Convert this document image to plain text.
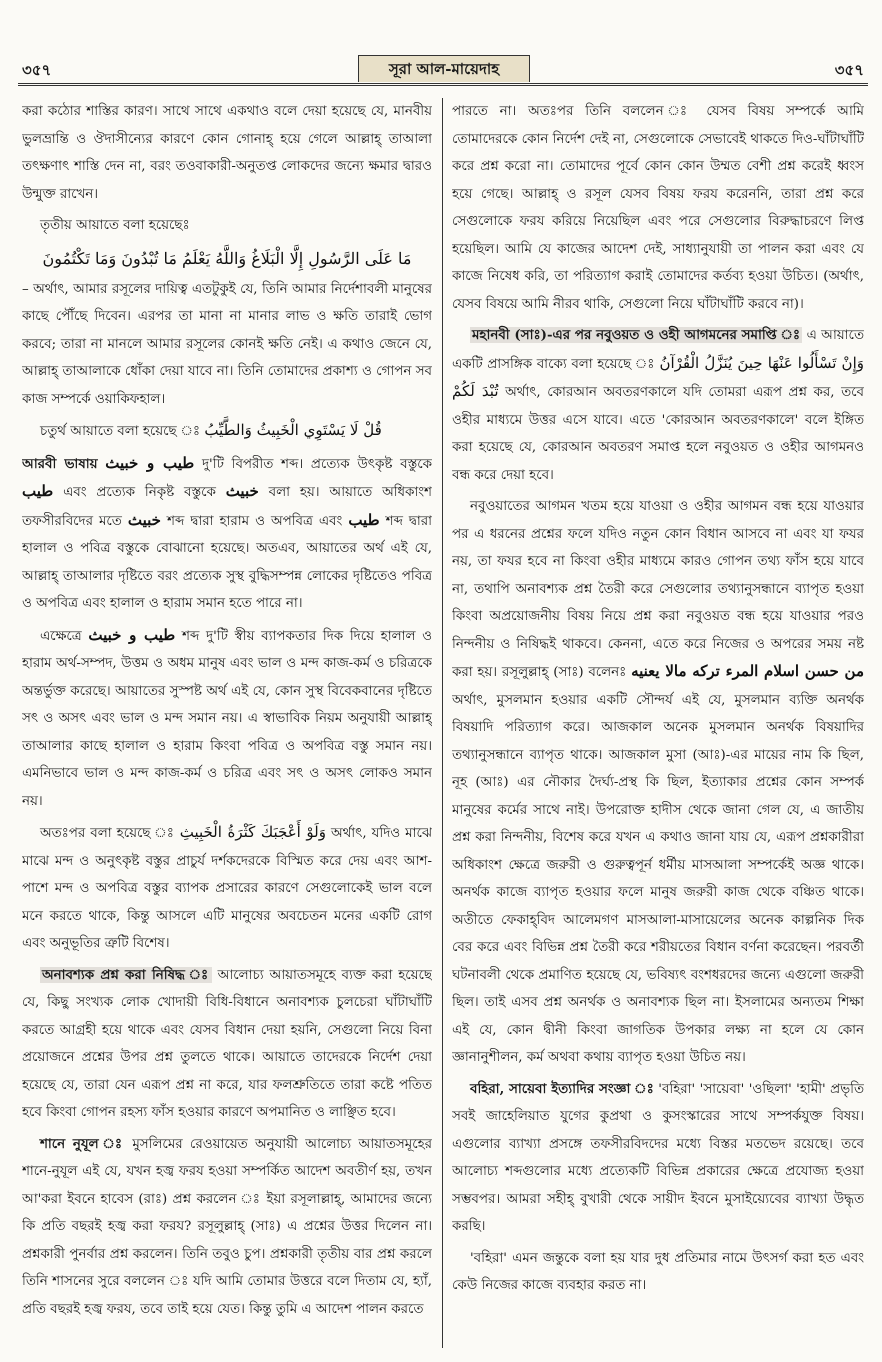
৩৫৭	সূরা আল-মায়েদাহ	৩৫৭

করা কঠোর শাস্তির কারণ। সাথে সাথে একথাও বলে দেয়া হয়েছে যে, মানবীয় ভুলভ্রান্তি ও ঔদাসীন্যের কারণে কোন গোনাহ্‌ হয়ে গেলে আল্লাহ্‌ তাআলা তৎক্ষণাৎ শাস্তি দেন না, বরং তওবাকারী-অনুতপ্ত লোকদের জন্যে ক্ষমার দ্বারও উন্মুক্ত রাখেন।

তৃতীয় আয়াতে বলা হয়েছেঃ

مَا عَلَى الرَّسُولِ إِلَّا الْبَلَاغُ وَاللَّهُ يَعْلَمُ مَا تُبْدُونَ وَمَا تَكْتُمُونَ

– অর্থাৎ, আমার রসূলের দায়িত্ব এতটুকুই যে, তিনি আমার নির্দেশাবলী মানুষের কাছে পৌঁছে দিবেন। এরপর তা মানা না মানার লাভ ও ক্ষতি তারাই ভোগ করবে; তারা না মানলে আমার রসূলের কোনই ক্ষতি নেই। এ কথাও জেনে যে, আল্লাহ্‌ তাআলাকে ধোঁকা দেয়া যাবে না। তিনি তোমাদের প্রকাশ্য ও গোপন সব কাজ সম্পর্কে ওয়াকিফহাল।

চতুর্থ আয়াতে বলা হয়েছে ঃ قُلْ لَا يَسْتَوِي الْخَبِيثُ وَالطَّيِّبُ

আরবী ভাষায় طيب و خبيث দু'টি বিপরীত শব্দ। প্রত্যেক উৎকৃষ্ট বস্তুকে طيب এবং প্রত্যেক নিকৃষ্ট বস্তুকে خبيث বলা হয়। আয়াতে অধিকাংশ তফসীরবিদের মতে خبيث শব্দ দ্বারা হারাম ও অপবিত্র এবং طيب শব্দ দ্বারা হালাল ও পবিত্র বস্তুকে বোঝানো হয়েছে। অতএব, আয়াতের অর্থ এই যে, আল্লাহ্‌ তাআলার দৃষ্টিতে বরং প্রত্যেক সুস্থ বুদ্ধিসম্পন্ন লোকের দৃষ্টিতেও পবিত্র ও অপবিত্র এবং হালাল ও হারাম সমান হতে পারে না।

এক্ষেত্রে طيب و خبيث শব্দ দু'টি স্বীয় ব্যাপকতার দিক দিয়ে হালাল ও হারাম অর্থ-সম্পদ, উত্তম ও অধম মানুষ এবং ভাল ও মন্দ কাজ-কর্ম ও চরিত্রকে অন্তর্ভুক্ত করেছে। আয়াতের সুস্পষ্ট অর্থ এই যে, কোন সুস্থ বিবেকবানের দৃষ্টিতে সৎ ও অসৎ এবং ভাল ও মন্দ সমান নয়। এ স্বাভাবিক নিয়ম অনুযায়ী আল্লাহ্‌ তাআলার কাছে হালাল ও হারাম কিংবা পবিত্র ও অপবিত্র বস্তু সমান নয়। এমনিভাবে ভাল ও মন্দ কাজ-কর্ম ও চরিত্র এবং সৎ ও অসৎ লোকও সমান নয়।

অতঃপর বলা হয়েছে ঃ وَلَوْ أَعْجَبَكَ كَثْرَةُ الْخَبِيثِ অর্থাৎ, যদিও মাঝে মাঝে মন্দ ও অনুৎকৃষ্ট বস্তুর প্রাচুর্য দর্শকদেরকে বিস্মিত করে দেয় এবং আশ-পাশে মন্দ ও অপবিত্র বস্তুর ব্যাপক প্রসারের কারণে সেগুলোকেই ভাল বলে মনে করতে থাকে, কিন্তু আসলে এটি মানুষের অবচেতন মনের একটি রোগ এবং অনুভূতির ত্রুটি বিশেষ।

অনাবশ্যক প্রশ্ন করা নিষিদ্ধ ঃ আলোচ্য আয়াতসমূহে ব্যক্ত করা হয়েছে যে, কিছু সংখ্যক লোক খোদায়ী বিধি-বিধানে অনাবশ্যক চুলচেরা ঘাঁটাঘাঁটি করতে আগ্রহী হয়ে থাকে এবং যেসব বিধান দেয়া হয়নি, সেগুলো নিয়ে বিনা প্রয়োজনে প্রশ্নের উপর প্রশ্ন তুলতে থাকে। আয়াতে তাদেরকে নির্দেশ দেয়া হয়েছে যে, তারা যেন এরূপ প্রশ্ন না করে, যার ফলশ্রুতিতে তারা কষ্টে পতিত হবে কিংবা গোপন রহস্য ফাঁস হওয়ার কারণে অপমানিত ও লাঞ্ছিত হবে।

শানে নুযূল ঃ মুসলিমের রেওয়ায়েত অনুযায়ী আলোচ্য আয়াতসমূহের শানে-নুযূল এই যে, যখন হজ্ব ফরয হওয়া সম্পর্কিত আদেশ অবতীর্ণ হয়, তখন আ'করা ইবনে হাবেস (রাঃ) প্রশ্ন করলেন ঃ ইয়া রসূলাল্লাহ্‌, আমাদের জন্যে কি প্রতি বছরই হজ্ব করা ফরয? রসূলুল্লাহ্‌ (সাঃ) এ প্রশ্নের উত্তর দিলেন না। প্রশ্নকারী পুনর্বার প্রশ্ন করলেন। তিনি তবুও চুপ। প্রশ্নকারী তৃতীয় বার প্রশ্ন করলে তিনি শাসনের সুরে বললেন ঃ যদি আমি তোমার উত্তরে বলে দিতাম যে, হ্যাঁ, প্রতি বছরই হজ্ব ফরয, তবে তাই হয়ে যেত। কিন্তু তুমি এ আদেশ পালন করতে

পারতে না। অতঃপর তিনি বললেন ঃ যেসব বিষয় সম্পর্কে আমি তোমাদেরকে কোন নির্দেশ দেই না, সেগুলোকে সেভাবেই থাকতে দিও-ঘাঁটাঘাঁটি করে প্রশ্ন করো না। তোমাদের পূর্বে কোন কোন উম্মত বেশী প্রশ্ন করেই ধ্বংস হয়ে গেছে। আল্লাহ্‌ ও রসূল যেসব বিষয় ফরয করেননি, তারা প্রশ্ন করে সেগুলোকে ফরয করিয়ে নিয়েছিল এবং পরে সেগুলোর বিরুদ্ধাচরণে লিপ্ত হয়েছিল। আমি যে কাজের আদেশ দেই, সাধ্যানুযায়ী তা পালন করা এবং যে কাজে নিষেধ করি, তা পরিত্যাগ করাই তোমাদের কর্তব্য হওয়া উচিত। (অর্থাৎ, যেসব বিষয়ে আমি নীরব থাকি, সেগুলো নিয়ে ঘাঁটাঘাঁটি করবে না)।

মহানবী (সাঃ)-এর পর নবুওয়ত ও ওহী আগমনের সমাপ্তি ঃ এ আয়াতে একটি প্রাসঙ্গিক বাক্যে বলা হয়েছে ঃ وَإِنْ تَسْأَلُوا عَنْهَا حِينَ يُنَزَّلُ الْقُرْآنُ تُبْدَ لَكُمْ অর্থাৎ, কোরআন অবতরণকালে যদি তোমরা এরূপ প্রশ্ন কর, তবে ওহীর মাধ্যমে উত্তর এসে যাবে। এতে 'কোরআন অবতরণকালে' বলে ইঙ্গিত করা হয়েছে যে, কোরআন অবতরণ সমাপ্ত হলে নবুওয়ত ও ওহীর আগমনও বন্ধ করে দেয়া হবে।

নবুওয়াতের আগমন খতম হয়ে যাওয়া ও ওহীর আগমন বন্ধ হয়ে যাওয়ার পর এ ধরনের প্রশ্নের ফলে যদিও নতুন কোন বিধান আসবে না এবং যা ফযর নয়, তা ফযর হবে না কিংবা ওহীর মাধ্যমে কারও গোপন তথ্য ফাঁস হয়ে যাবে না, তথাপি অনাবশ্যক প্রশ্ন তৈরী করে সেগুলোর তথ্যানুসন্ধানে ব্যাপৃত হওয়া কিংবা অপ্রয়োজনীয় বিষয় নিয়ে প্রশ্ন করা নবুওয়ত বন্ধ হয়ে যাওয়ার পরও নিন্দনীয় ও নিষিদ্ধই থাকবে। কেননা, এতে করে নিজের ও অপরের সময় নষ্ট করা হয়। রসূলুল্লাহ্‌ (সাঃ) বলেনঃ من حسن اسلام المرء تركه مالا يعنيه অর্থাৎ, মুসলমান হওয়ার একটি সৌন্দর্য এই যে, মুসলমান ব্যক্তি অনর্থক বিষয়াদি পরিত্যাগ করে। আজকাল অনেক মুসলমান অনর্থক বিষয়াদির তথ্যানুসন্ধানে ব্যাপৃত থাকে। আজকাল মুসা (আঃ)-এর মায়ের নাম কি ছিল, নূহ (আঃ) এর নৌকার দৈর্ঘ্য-প্রস্থ কি ছিল, ইত্যাকার প্রশ্নের কোন সম্পর্ক মানুষের কর্মের সাথে নাই। উপরোক্ত হাদীস থেকে জানা গেল যে, এ জাতীয় প্রশ্ন করা নিন্দনীয়, বিশেষ করে যখন এ কথাও জানা যায় যে, এরূপ প্রশ্নকারীরা অধিকাংশ ক্ষেত্রে জরুরী ও গুরুত্বপূর্ন ধর্মীয় মাসআলা সম্পর্কেই অজ্ঞ থাকে। অনর্থক কাজে ব্যাপৃত হওয়ার ফলে মানুষ জরুরী কাজ থেকে বঞ্চিত থাকে। অতীতে ফেকাহ্‌বিদ আলেমগণ মাসআলা-মাসায়েলের অনেক কাল্পনিক দিক বের করে এবং বিভিন্ন প্রশ্ন তৈরী করে শরীয়তের বিধান বর্ণনা করেছেন। পরবর্তী ঘটনাবলী থেকে প্রমাণিত হয়েছে যে, ভবিষ্যৎ বংশধরদের জন্যে এগুলো জরুরী ছিল। তাই এসব প্রশ্ন অনর্থক ও অনাবশ্যক ছিল না। ইসলামের অন্যতম শিক্ষা এই যে, কোন দ্বীনী কিংবা জাগতিক উপকার লক্ষ্য না হলে যে কোন জ্ঞানানুশীলন, কর্ম অথবা কথায় ব্যাপৃত হওয়া উচিত নয়।

বহিরা, সায়েবা ইত্যাদির সংজ্ঞা ঃ 'বহিরা' 'সায়েবা' 'ওছিলা' 'হামী' প্রভৃতি সবই জাহেলিয়াত যুগের কুপ্রথা ও কুসংস্কারের সাথে সম্পর্কযুক্ত বিষয়। এগুলোর ব্যাখ্যা প্রসঙ্গে তফসীরবিদদের মধ্যে বিস্তর মতভেদ রয়েছে। তবে আলোচ্য শব্দগুলোর মধ্যে প্রত্যেকটি বিভিন্ন প্রকারের ক্ষেত্রে প্রযোজ্য হওয়া সম্ভবপর। আমরা সহীহ্‌ বুখারী থেকে সায়ীদ ইবনে মুসাইয়্যেবের ব্যাখ্যা উদ্ধৃত করছি।

'বহিরা' এমন জন্তুকে বলা হয় যার দুধ প্রতিমার নামে উৎসর্গ করা হত এবং কেউ নিজের কাজে ব্যবহার করত না।
